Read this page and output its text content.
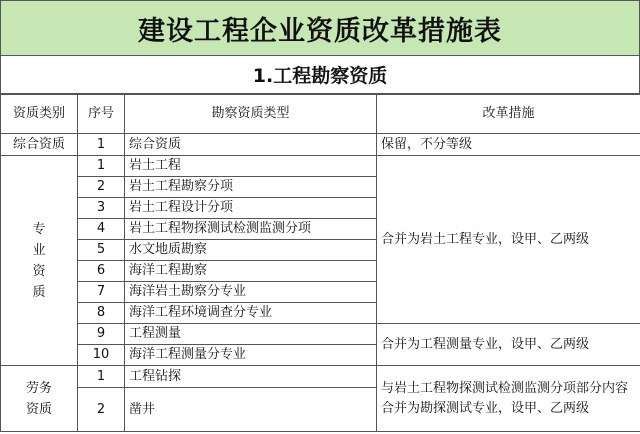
建设工程企业资质改革措施表
1.工程勘察资质
资质类别	序号	勘察资质类型	改革措施
综合资质	1	综合资质	保留，不分等级

专
业
资
质	1	岩土工程	合并为岩土工程专业，设甲、乙两级
	2	岩土工程勘察分项	
	3	岩土工程设计分项	
	4	岩土工程物探测试检测监测分项	
	5	水文地质勘察	
	6	海洋工程勘察	
	7	海洋岩土勘察分专业	
	8	海洋工程环境调查分专业	
	9	工程测量	合并为工程测量专业，设甲、乙两级
	10	海洋工程测量分专业	

劳务
资质	1	工程钻探	与岩土工程物探测试检测监测分项部分内容合并为勘探测试专业，设甲、乙两级
	2	凿井	
